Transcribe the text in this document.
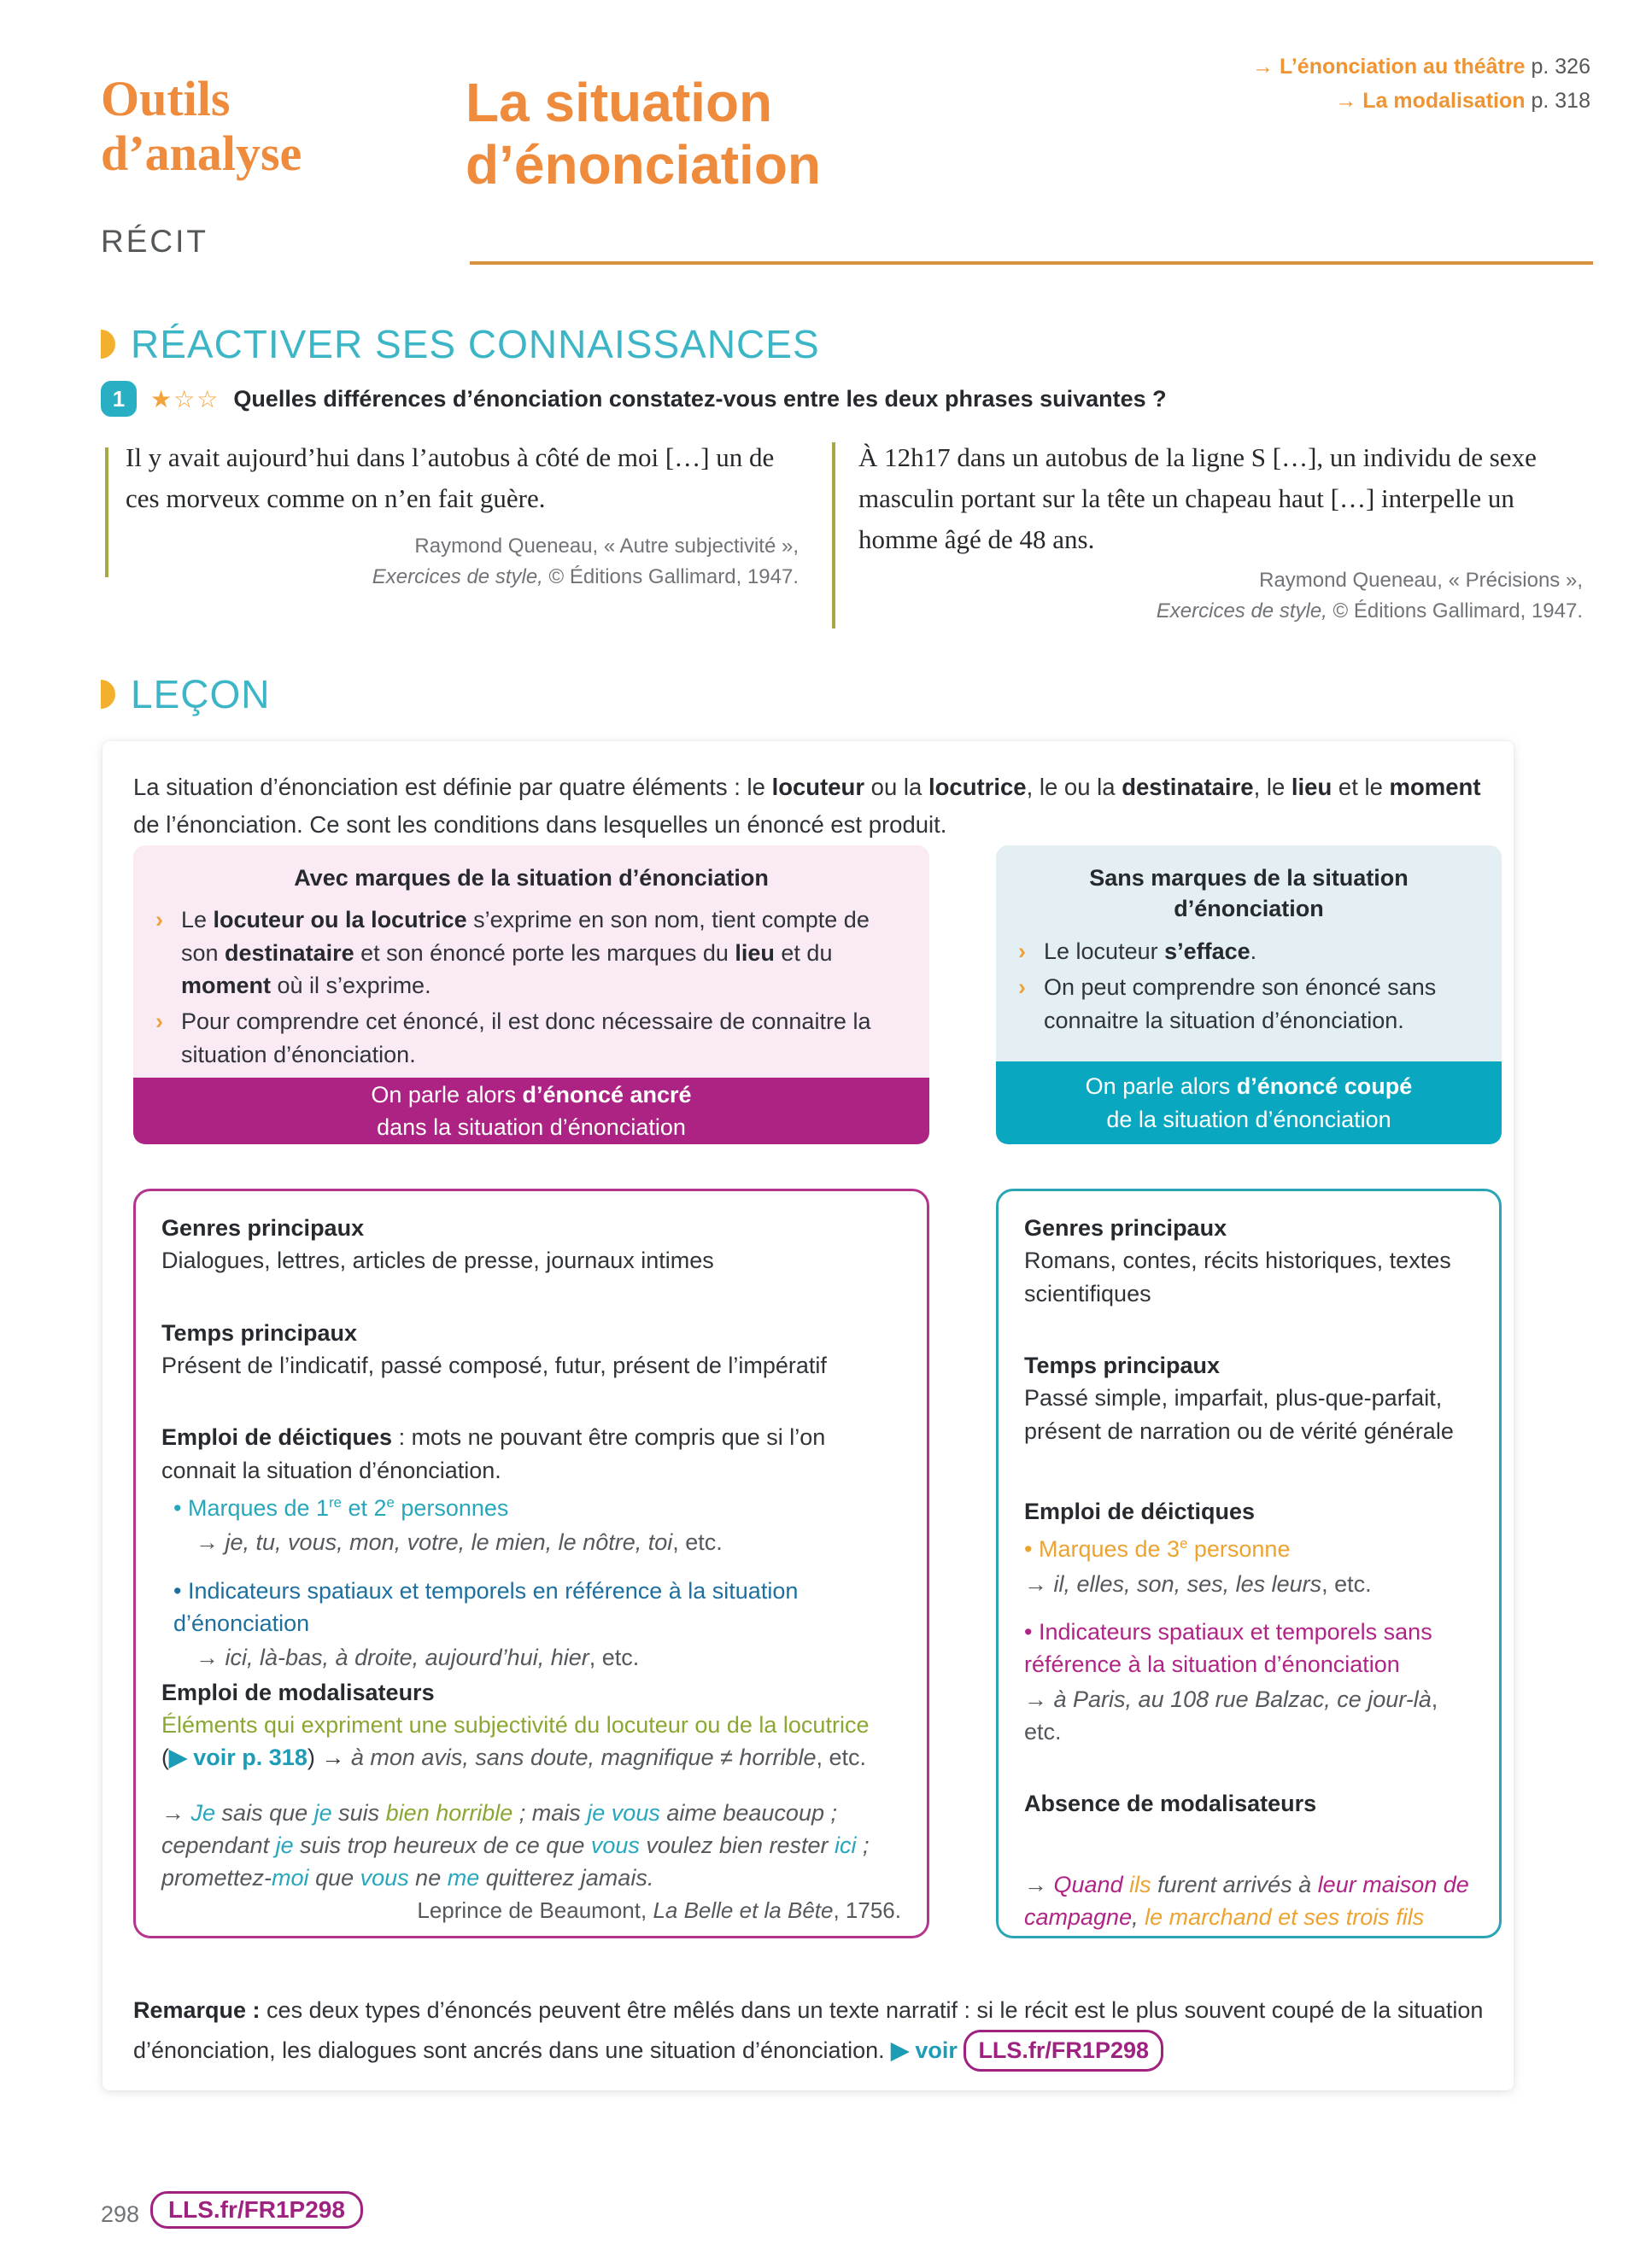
Outils
d’analyse
RÉCIT
La situation
d’énonciation
→ L’énonciation au théâtre p. 326
→ La modalisation p. 318
RÉACTIVER SES CONNAISSANCES
1	★☆☆ Quelles différences d’énonciation constatez-vous entre les deux phrases suivantes ?
Il y avait aujourd’hui dans l’autobus à côté de moi […] un de ces morveux comme on n’en fait guère.
Raymond Queneau, « Autre subjectivité »,
Exercices de style, © Éditions Gallimard, 1947.
À 12h17 dans un autobus de la ligne S […], un individu de sexe masculin portant sur la tête un chapeau haut […] interpelle un homme âgé de 48 ans.
Raymond Queneau, « Précisions »,
Exercices de style, © Éditions Gallimard, 1947.
LEÇON

La situation d’énonciation est définie par quatre éléments : le locuteur ou la locutrice, le ou la destinataire, le lieu et le moment de l’énonciation. Ce sont les conditions dans lesquelles un énoncé est produit.

Avec marques de la situation d’énonciation
› Le locuteur ou la locutrice s’exprime en son nom, tient compte de son destinataire et son énoncé porte les marques du lieu et du moment où il s’exprime.
› Pour comprendre cet énoncé, il est donc nécessaire de connaitre la situation d’énonciation.
On parle alors d’énoncé ancré
dans la situation d’énonciation
Sans marques de la situation
d’énonciation
› Le locuteur s’efface.
› On peut comprendre son énoncé sans connaitre la situation d’énonciation.
On parle alors d’énoncé coupé
de la situation d’énonciation

Genres principaux

Dialogues, lettres, articles de presse, journaux intimes

Temps principaux

Présent de l’indicatif, passé composé, futur, présent de l’impératif

Emploi de déictiques : mots ne pouvant être compris que si l’on connait la situation d’énonciation.

• Marques de 1re et 2e personnes
→ je, tu, vous, mon, votre, le mien, le nôtre, toi, etc.
• Indicateurs spatiaux et temporels en référence à la situation d’énonciation
→ ici, là-bas, à droite, aujourd’hui, hier, etc.

Emploi de modalisateurs

Éléments qui expriment une subjectivité du locuteur ou de la locutrice

(▶ voir p. 318) → à mon avis, sans doute, magnifique ≠ horrible, etc.

→ Je sais que je suis bien horrible ; mais je vous aime beaucoup ; cependant je suis trop heureux de ce que vous voulez bien rester ici ; promettez-moi que vous ne me quitterez jamais.

Leprince de Beaumont, La Belle et la Bête, 1756.

Genres principaux

Romans, contes, récits historiques, textes scientifiques

Temps principaux

Passé simple, imparfait, plus-que-parfait, présent de narration ou de vérité générale

Emploi de déictiques

• Marques de 3e personne
→ il, elles, son, ses, les leurs, etc.
• Indicateurs spatiaux et temporels sans référence à la situation d’énonciation
→ à Paris, au 108 rue Balzac, ce jour-là, etc.

Absence de modalisateurs

→ Quand ils furent arrivés à leur maison de campagne, le marchand et ses trois fils

Remarque : ces deux types d’énoncés peuvent être mêlés dans un texte narratif : si le récit est le plus souvent coupé de la situation d’énonciation, les dialogues sont ancrés dans une situation d’énonciation. ▶ voir LLS.fr/FR1P298

298	LLS.fr/FR1P298
